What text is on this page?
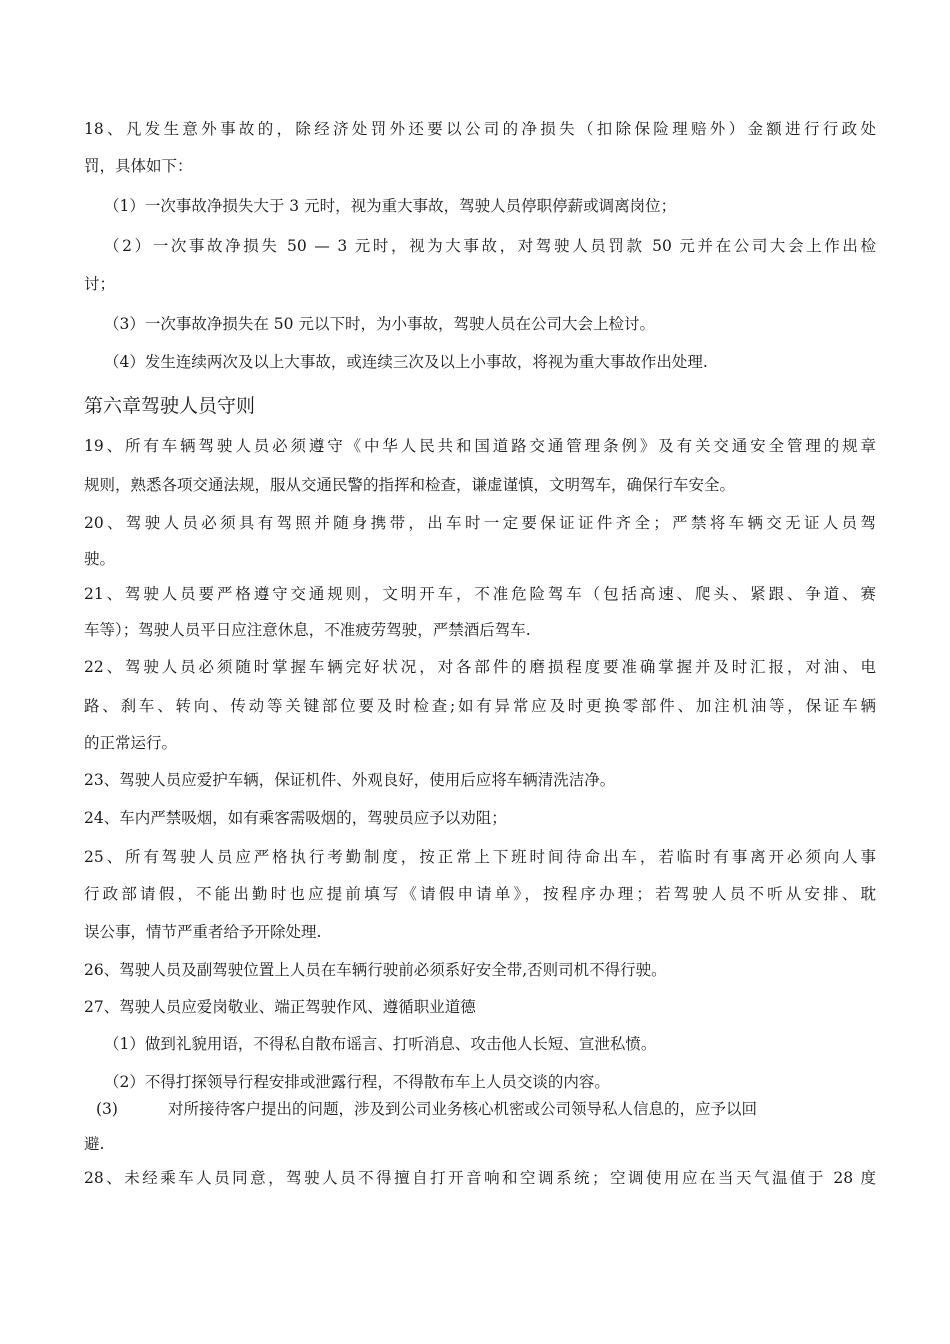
18、凡发生意外事故的，除经济处罚外还要以公司的净损失（扣除保险理赔外）金额进行行政处
罚，具体如下：
（1）一次事故净损失大于 3 元时，视为重大事故，驾驶人员停职停薪或调离岗位；
（2）一次事故净损失 50 — 3 元时，视为大事故，对驾驶人员罚款 50 元并在公司大会上作出检
讨；
（3）一次事故净损失在 50 元以下时，为小事故，驾驶人员在公司大会上检讨。
（4）发生连续两次及以上大事故，或连续三次及以上小事故，将视为重大事故作出处理.
第六章驾驶人员守则
19、所有车辆驾驶人员必须遵守《中华人民共和国道路交通管理条例》及有关交通安全管理的规章
规则，熟悉各项交通法规，服从交通民警的指挥和检查，谦虚谨慎，文明驾车，确保行车安全。
20、驾驶人员必须具有驾照并随身携带，出车时一定要保证证件齐全；严禁将车辆交无证人员驾
驶。
21、驾驶人员要严格遵守交通规则，文明开车，不准危险驾车（包括高速、爬头、紧跟、争道、赛
车等）；驾驶人员平日应注意休息，不准疲劳驾驶，严禁酒后驾车.
22、驾驶人员必须随时掌握车辆完好状况，对各部件的磨损程度要准确掌握并及时汇报，对油、电
路、刹车、转向、传动等关键部位要及时检查;如有异常应及时更换零部件、加注机油等，保证车辆
的正常运行。
23、驾驶人员应爱护车辆，保证机件、外观良好，使用后应将车辆清洗洁净。
24、车内严禁吸烟，如有乘客需吸烟的，驾驶员应予以劝阻；
25、所有驾驶人员应严格执行考勤制度，按正常上下班时间待命出车，若临时有事离开必须向人事
行政部请假，不能出勤时也应提前填写《请假申请单》，按程序办理；若驾驶人员不听从安排、耽
误公事，情节严重者给予开除处理.
26、驾驶人员及副驾驶位置上人员在车辆行驶前必须系好安全带,否则司机不得行驶。
27、驾驶人员应爱岗敬业、端正驾驶作风、遵循职业道德
（1）做到礼貌用语，不得私自散布谣言、打听消息、攻击他人长短、宣泄私愤。
（2）不得打探领导行程安排或泄露行程，不得散布车上人员交谈的内容。
(3)	对所接待客户提出的问题，涉及到公司业务核心机密或公司领导私人信息的，应予以回
避.
28、未经乘车人员同意，驾驶人员不得擅自打开音响和空调系统；空调使用应在当天气温值于 28 度
